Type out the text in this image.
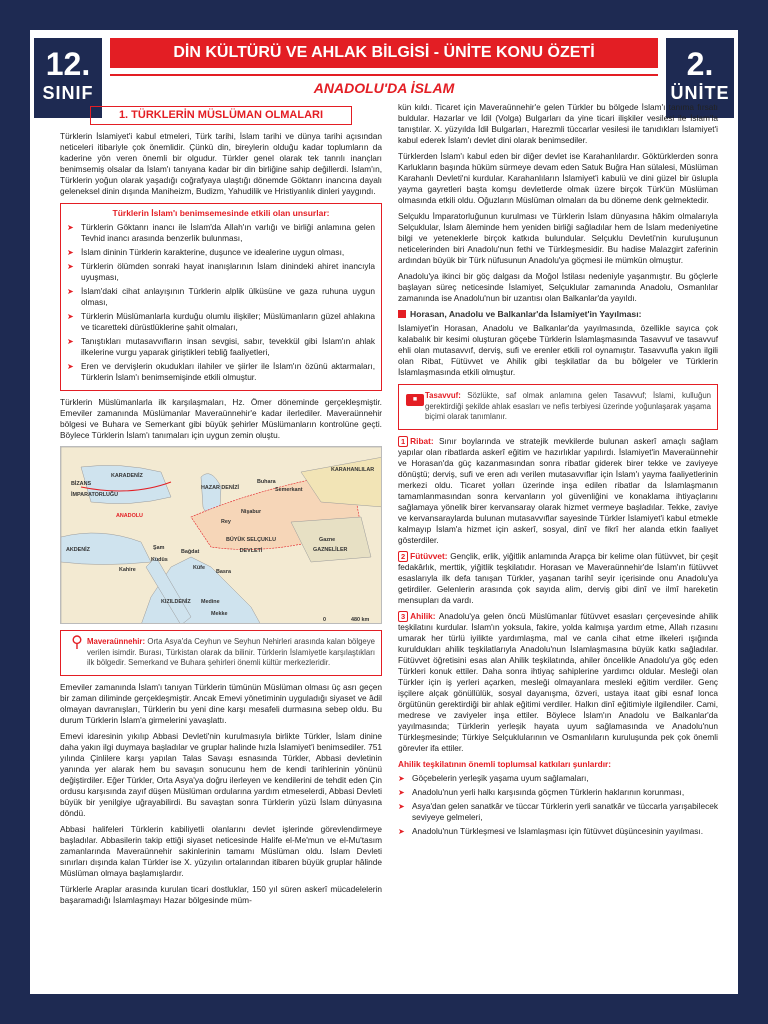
12.
SINIF
DİN KÜLTÜRÜ VE AHLAK BİLGİSİ - ÜNİTE KONU ÖZETİ
ANADOLU'DA İSLAM
2.
ÜNİTE
1. TÜRKLERİN MÜSLÜMAN OLMALARI

Türklerin İslamiyet'i kabul etmeleri, Türk tarihi, İslam tarihi ve dünya tarihi açısından neticeleri itibariyle çok önemlidir. Çünkü din, bireylerin olduğu kadar toplumların da kaderine yön veren önemli bir olgudur. Türkler genel olarak tek tanrılı inançları benimsemiş olsalar da İslam'ı tanıyana kadar bir din birliğine sahip değillerdi. İslam'ın, Türklerin yoğun olarak yaşadığı coğrafyaya ulaştığı dönemde Göktanrı inancına dayalı geleneksel dinin dışında Maniheizm, Budizm, Yahudilik ve Hristiyanlık dinleri yaygındı.

Türklerin İslam'ı benimsemesinde etkili olan unsurlar:
➤ Türklerin Göktanrı inancı ile İslam'da Allah'ın varlığı ve birliği anlamına gelen Tevhid inancı arasında benzerlik bulunması,
➤ İslam dininin Türklerin karakterine, duşunce ve idealerine uygun olması,
➤ Türklerin ölümden sonraki hayat inanışlarının İslam dinindeki ahiret inancıyla uyuşması,
➤ İslam'daki cihat anlayışının Türklerin alplik ülküsüne ve gaza ruhuna uygun olması,
➤ Türklerin Müslümanlarla kurduğu olumlu ilişkiler; Müslümanların güzel ahlakına ve ticaretteki dürüstlüklerine şahit olmaları,
➤ Tanıştıkları mutasavvıfların insan sevgisi, sabır, tevekkül gibi İslam'ın ahlak ilkelerine vurgu yaparak giriştikleri tebliğ faaliyetleri,
➤ Eren ve dervişlerin okudukları ilahiler ve şiirler ile İslam'ın özünü aktarmaları, Türklerin İslam'ı benimsemişinde etkili olmuştur.

Türklerin Müslümanlarla ilk karşılaşmaları, Hz. Ömer döneminde gerçekleşmiştir. Emeviler zamanında Müslümanlar Maveraünnehir'e kadar ilerlediler. Maveraünnehir bölgesi ve Buhara ve Semerkant gibi büyük şehirler Müslümanların kontrolüne geçti. Böylece Türklerin İslam'ı tanımaları için uygun zemin oluştu.

KARAHANLILAR
BİZANS İMPARATORLUĞU
KARADENİZ
ANADOLU
AKDENİZ
Semerkant
Buhara
Nişabur
Rey
Bağdat
Şam
Kudüs
Kahire	Küfe
Basra
Medine
Mekke
Gazne
GAZNELİLER
BÜYÜK SELÇUKLU DEVLETİ
HAZAR DENİZİ
KIZILDENİZ
0	480 km
⚲ Maveraünnehir: Orta Asya'da Ceyhun ve Seyhun Nehirleri arasında kalan bölgeye verilen isimdir. Burası, Türkistan olarak da bilinir. Türklerin İslamiyetle karşılaştıkları ilk bölgedir. Semerkand ve Buhara şehirleri önemli kültür merkezleridir.

Emeviler zamanında İslam'ı tanıyan Türklerin tümünün Müslüman olması üç asrı geçen bir zaman diliminde gerçekleşmiştir. Ancak Emevi yönetiminin uyguladığı siyaset ve âdil olmayan davranışları, Türklerin bu yeni dine karşı mesafeli durmasına sebep oldu. Bu durum Türklerin İslam'a girmelerini yavaşlattı.

Emevi idaresinin yıkılıp Abbasi Devleti'nin kurulmasıyla birlikte Türkler, İslam dinine daha yakın ilgi duymaya başladılar ve gruplar halinde hızla İslamiyet'i benimsediler. 751 yılında Çinlilere karşı yapılan Talas Savaşı esnasında Türkler, Abbasi devletinin yanında yer alarak hem bu savaşın sonucunu hem de kendi tarihlerinin yönünü değiştirdiler. Eğer Türkler, Orta Asya'ya doğru ilerleyen ve kendilerini de tehdit eden Çin ordusu karşısında zayıf düşen Müslüman ordularına yardım etmeselerdi, Abbasi Devleti büyük bir yenilgiye uğrayabilirdi. Bu savaştan sonra Türklerin yüzü İslam dünyasına döndü.

Abbasi halifeleri Türklerin kabiliyetli olanlarını devlet işlerinde görevlendirmeye başladılar. Abbasilerin takip ettiği siyaset neticesinde Halife el-Me'mun ve el-Mu'tasım zamanlarında Maveraünnehir sakinlerinin tamamı Müslüman oldu. İslam Devleti sınırları dışında kalan Türkler ise X. yüzyılın ortalarından itibaren büyük gruplar hâlinde Müslüman olmaya başlamışlardır.

Türklerle Araplar arasında kurulan ticari dostluklar, 150 yıl süren askerî mücadelelerin başaramadığı İslamlaşmayı Hazar bölgesinde müm-

kün kıldı. Ticaret için Maveraünnehir'e gelen Türkler bu bölgede İslam'ı tanıma fırsatı buldular. Hazarlar ve İdil (Volga) Bulgarları da yine ticari ilişkiler vesilesi ile İslam'la tanıştılar. X. yüzyılda İdil Bulgarları, Harezmli tüccarlar vesilesi ile tanıdıkları İslamiyet'i kabul ederek İslam'ı devlet dini olarak benimsediler.

Türklerden İslam'ı kabul eden bir diğer devlet ise Karahanlılardır. Göktürklerden sonra Karlukların başında hüküm sürmeye devam eden Satuk Buğra Han sülalesi, Müslüman Karahanlı Devleti'ni kurdular. Karahanlıların İslamiyet'i kabulü ve dini güzel bir üslupla yayma gayretleri başta komşu devletlerde olmak üzere birçok Türk'ün Müslüman olmasında etkili oldu. Oğuzların Müslüman olmaları da bu döneme denk gelmektedir.

Selçuklu İmparatorluğunun kurulması ve Türklerin İslam dünyasına hâkim olmalarıyla Selçuklular, İslam âleminde hem yeniden birliği sağladılar hem de İslam medeniyetine bilgi ve yeteneklerle birçok katkıda bulundular. Selçuklu Devleti'nin kuruluşunun neticelerinden biri Anadolu'nun fethi ve Türkleşmesidir. Bu hadise Malazgirt zaferinin ardından büyük bir Türk nüfusunun Anadolu'ya göçmesi ile mümkün olmuştur.

Anadolu'ya ikinci bir göç dalgası da Moğol İstilası nedeniyle yaşanmıştır. Bu göçlerle başlayan süreç neticesinde İslamiyet, Selçuklular zamanında Anadolu, Osmanlılar zamanında ise Anadolu'nun bir uzantısı olan Balkanlar'da yayıldı.

Horasan, Anadolu ve Balkanlar'da İslamiyet'in Yayılması:

İslamiyet'in Horasan, Anadolu ve Balkanlar'da yayılmasında, özellikle sayıca çok kalabalık bir kesimi oluşturan göçebe Türklerin İslamlaşmasında Tasavvuf ve tasavvuf ehli olan mutasavvıf, derviş, sufi ve erenler etkili rol oynamıştır. Tasavvufla yakın ilgili olan Ribat, Fütüvvet ve Ahilik gibi teşkilatlar da bu bölgeler ve Türklerin İslamlaşmasında etkili olmuştur.

■	Tasavvuf: Sözlükte, saf olmak anlamına gelen Tasavvuf; İslami, kulluğun gerektirdiği şekilde ahlak esasları ve nefis terbiyesi üzerinde yoğunlaşarak yaşama biçimi olarak tanımlanır.

1 Ribat: Sınır boylarında ve stratejik mevkilerde bulunan askerî amaçlı sağlam yapılar olan ribatlarda askerî eğitim ve hazırlıklar yapılırdı. İslamiyet'in Maveraünnehir ve Horasan'da güç kazanmasından sonra ribatlar giderek birer tekke ve zaviyeye dönüştü; derviş, sufi ve eren adı verilen mutasavvıflar için İslam'ı yayma faaliyetlerinin merkezi oldu. Ticaret yolları üzerinde inşa edilen ribatlar da İslamlaşmanın tamamlanmasından sonra kervanların yol güvenliğini ve konaklama ihtiyaçlarını sağlamaya yönelik birer kervansaray olarak hizmet vermeye başladılar. Tekke, zaviye ve kervansaraylarda bulunan mutasavvıflar sayesinde Türkler İslamiyet'i kabul etmekle kalmayıp İslam'a hizmet için askerî, sosyal, dinî ve fikrî her alanda etkin faaliyet gösterdiler.

2 Fütüvvet: Gençlik, erlik, yiğitlik anlamında Arapça bir kelime olan fütüvvet, bir çeşit fedakârlık, merttik, yiğitlik teşkilatıdır. Horasan ve Maveraünnehir'de İslam'ın fütüvvet esaslarıyla ilk defa tanışan Türkler, yaşanan tarihî seyir içerisinde onu Anadolu'ya getirdiler. Gelenlerin arasında çok sayıda alim, derviş gibi dinî ve ilmî hareketin mensupları da vardı.

3 Ahilik: Anadolu'ya gelen öncü Müslümanlar fütüvvet esasları çerçevesinde ahilik teşkilatını kurdular. İslam'ın yoksula, fakire, yolda kalmışa yardım etme, Allah rızasını umarak her türlü iyilikte yardımlaşma, mal ve canla cihat etme ilkeleri ışığında kuruldukları ahilik teşkilatlarıyla Anadolu'nun İslamlaşmasına büyük katkı sağladılar. Fütüvvet öğretisini esas alan Ahilik teşkilatında, ahiler öncelikle Anadolu'ya göç eden Türkleri konuk ettiler. Daha sonra ihtiyaç sahiplerine yardımcı oldular. Mesleği olan Türkler için iş yerleri açarken, mesleği olmayanlara mesleki eğitim verdiler. Genç işçilere alçak gönüllülük, sosyal dayanışma, özveri, ustaya itaat gibi esnaf lonca örgütünün gerektirdiği bir ahlak eğitimi verdiler. Halkın dinî eğitimiyle ilgilendiler. Cami, medrese ve zaviyeler inşa ettiler. Böylece İslam'ın Anadolu ve Balkanlar'da yayılmasında; Türklerin yerleşik hayata uyum sağlamasında ve Anadolu'nun Türkleşmesinde; Türkiye Selçuklularının ve Osmanlıların kuruluşunda pek çok önemli görevler ifa ettiler.

Ahilik teşkilatının önemli toplumsal katkıları şunlardır:
➤ Göçebelerin yerleşik yaşama uyum sağlamaları,
➤ Anadolu'nun yerli halkı karşısında göçmen Türklerin haklarının korunması,
➤ Asya'dan gelen sanatkâr ve tüccar Türklerin yerli sanatkâr ve tüccarla yarışabilecek seviyeye gelmeleri,
➤ Anadolu'nun Türkleşmesi ve İslamlaşması için fütüvvet düşüncesinin yayılması.
